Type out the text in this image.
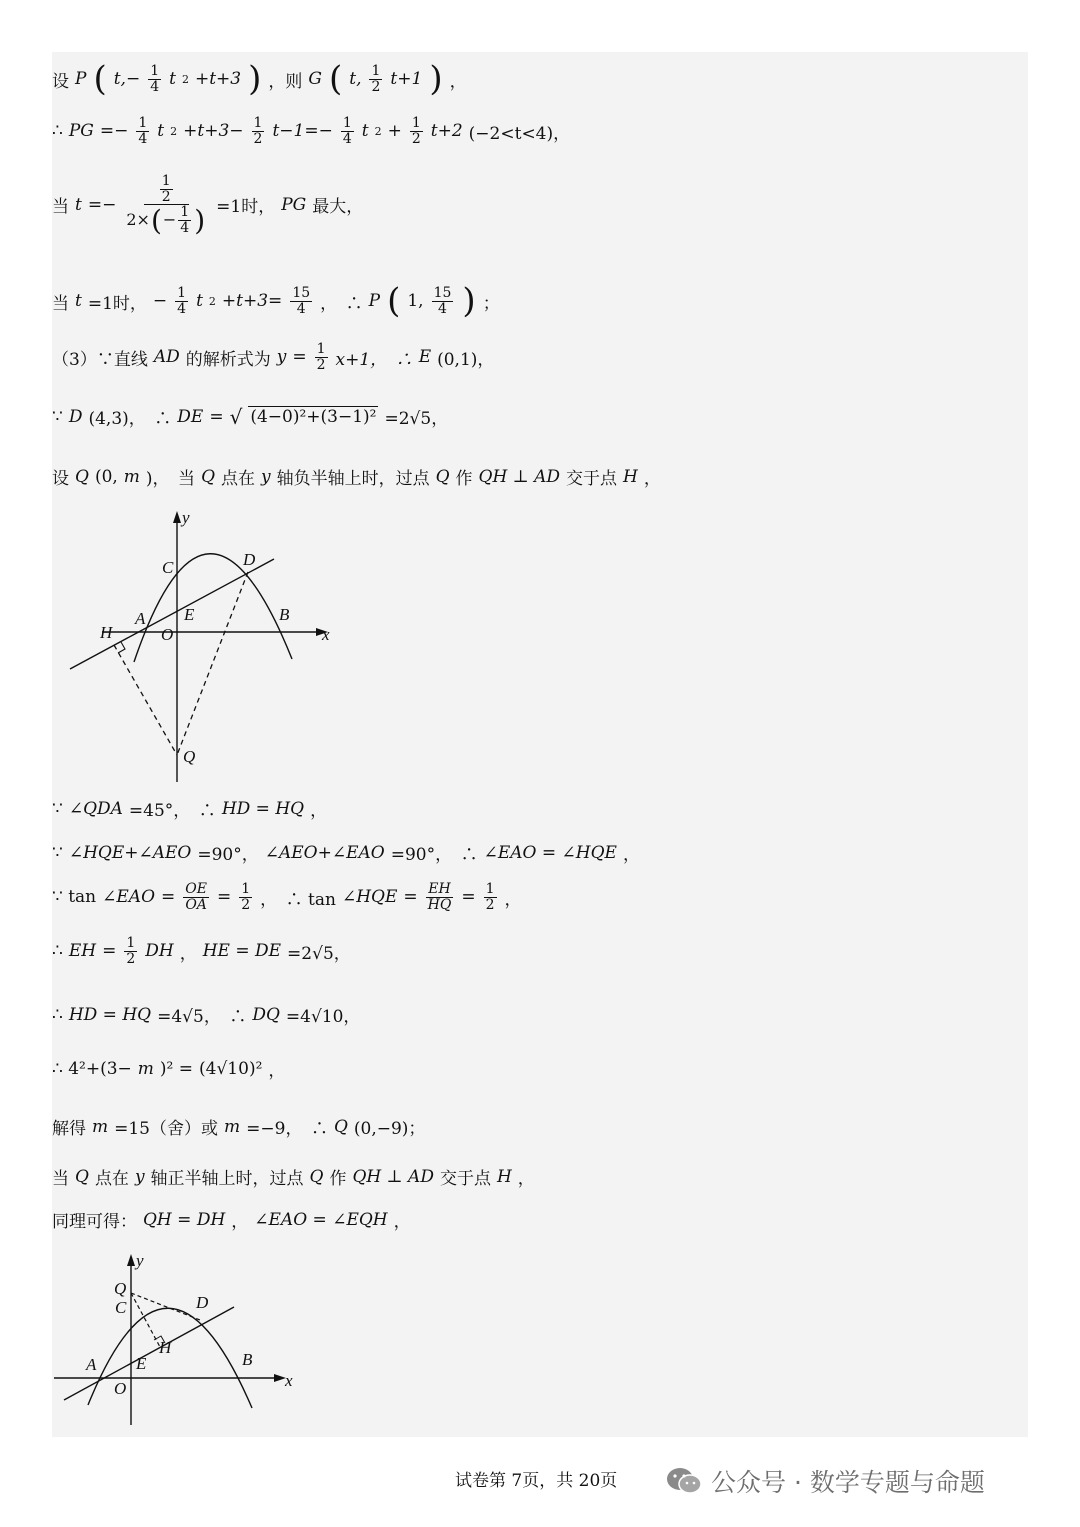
设 P ( $t,- \frac{1}{4}$ t 2 +t+3 ) ，则 G ( t, $\frac{1}{2} t+1$ ) ，
∴ PG =− $\frac{1}{4}$ t $2 +t+3- \frac{1}{2} t-1=- \frac{1}{4}$ t $2 + \frac{1}{2} t+2$ (−2<t<4)，
当 $t =- \frac{\frac{1}{2}}{2\times ( - \frac{1}{4} )} =1$时， PG 最大，
当 t =1时， − $\frac{1}{4}$ t $2 +t+3= \frac{15}{4}$ ，　∴ P ( 1, $\frac{15}{4}$ ) ；
（3）∵直线 AD 的解析式为 $y = \frac{1}{2} x+1$，　∴ E (0,1)，
∵ D (4,3)，　∴ DE = √ (4−0)²+(3−1)² =2√5，
设 Q (0, m )，　当 Q 点在 y 轴负半轴上时，过点 Q 作 QH ⊥ AD 交于点 H ，
y
x
C	D
A E	B
H	O
Q
∵ ∠QDA =45°，　∴ HD = HQ ，
∵ ∠HQE+∠AEO =90°， ∠AEO+∠EAO =90°，　∴ ∠EAO = ∠HQE ，
∵ tan ∠EAO = $\frac{OE}{OA} = \frac{1}{2}$ ，　∴ tan ∠HQE = $\frac{EH}{HQ} = \frac{1}{2}$ ，
∴ EH = $\frac{1}{2}$ DH ， HE = DE =2√5，
∴ HD = HQ =4√5，　∴ DQ =4√10，
∴ 4²+(3− m )² = (4√10)² ，
解得 m =15（舍）或 m =−9，　∴ Q (0,−9)；
当 Q 点在 y 轴正半轴上时，过点 Q 作 QH ⊥ AD 交于点 H ，
同理可得： QH = DH ， ∠EAO = ∠EQH ，
y
x
Q
C	D
H
A E	B
O
试卷第 7页，共 20页	公众号 · 数学专题与命题
